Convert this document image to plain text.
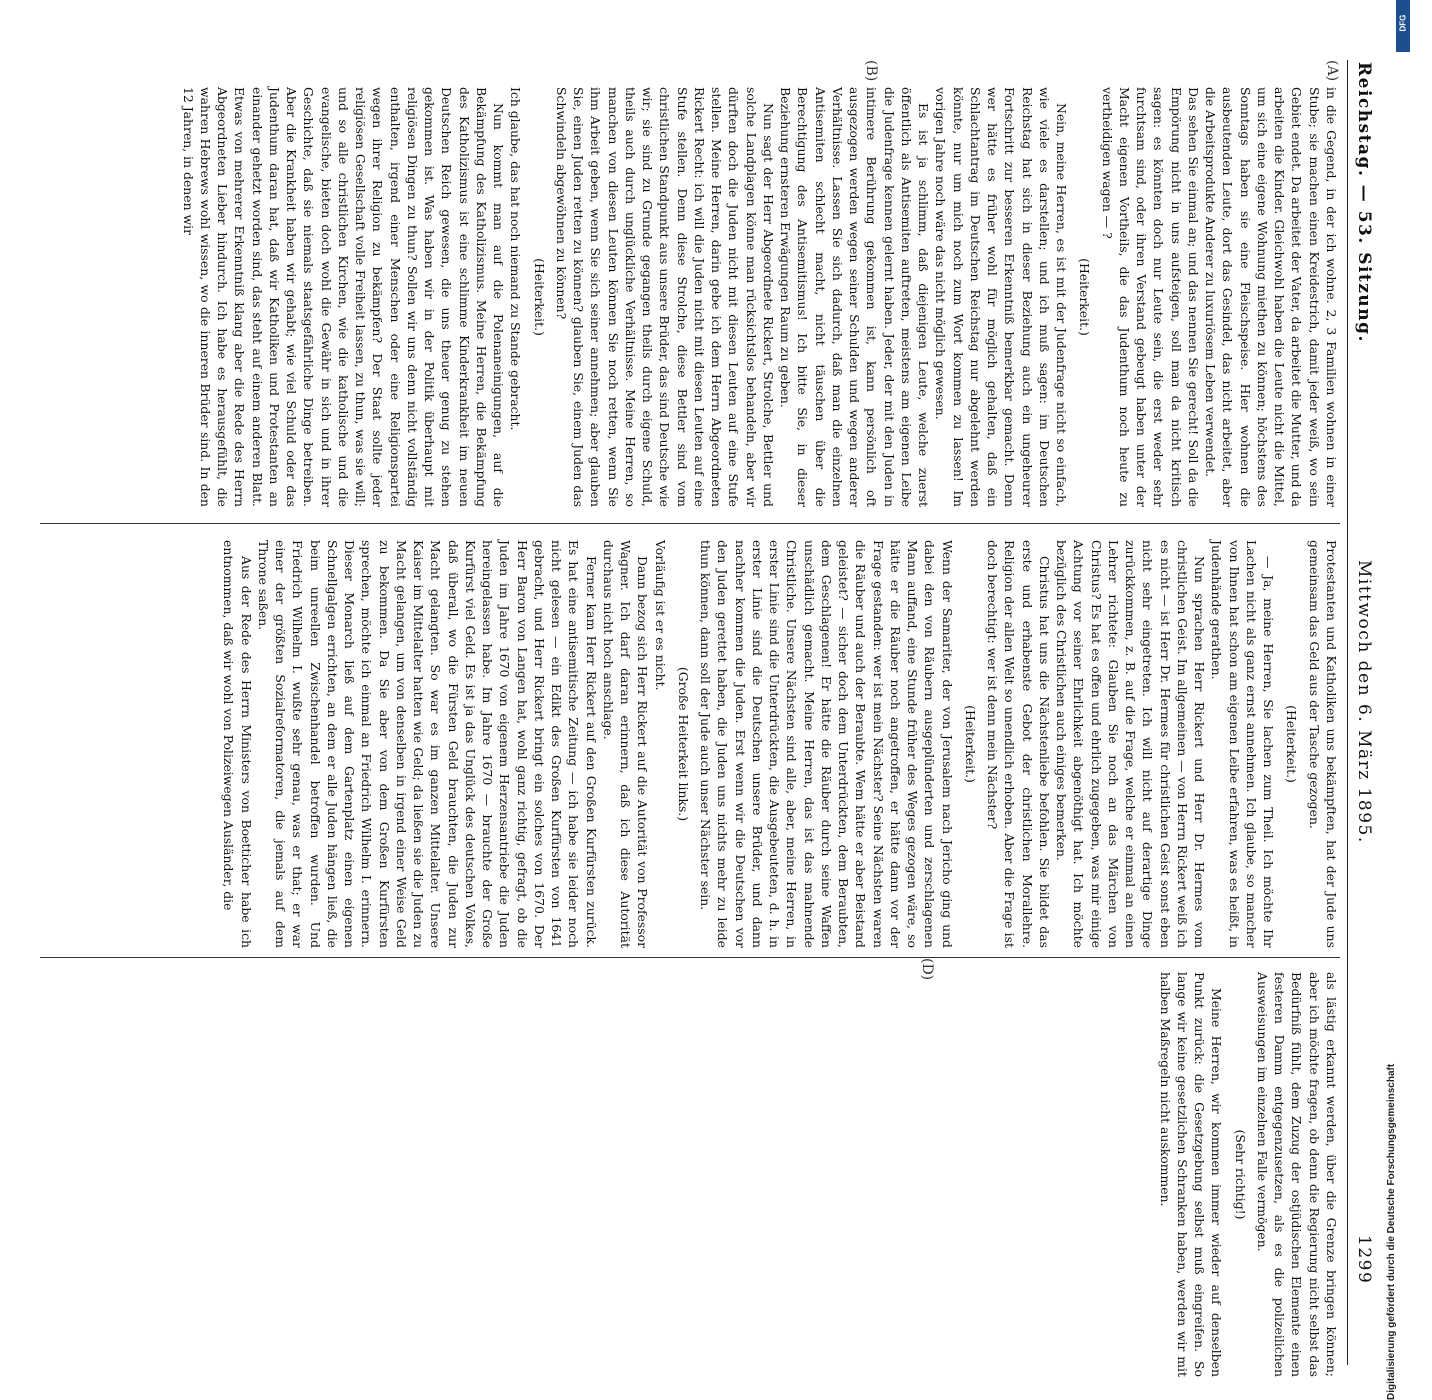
Reichstag. — 53. Sitzung.
Mittwoch den 6. März 1895.
1299
(A)
(B)
(D)

in die Gegend, in der ich wohne. 2, 3 Familien wohnen in einer Stube; sie machen einen Kreidestrich, damit jeder weiß, wo sein Gebiet endet. Da arbeitet der Vater, da arbeitet die Mutter, und da arbeiten die Kinder. Gleichwohl haben die Leute nicht die Mittel, um sich eine eigene Wohnung miethen zu können; höchstens des Sonntags haben sie eine Fleischspeise. Hier wohnen die ausbeutenden Leute, dort das Gesindel, das nicht arbeitet, aber die Arbeitsprodukte Anderer zu luxuriösem Leben verwendet.

Das sehen Sie einmal an; und das nennen Sie gerecht! Soll da die Empörung nicht in uns aufsteigen, soll man da nicht kritisch sagen: es könnten doch nur Leute sein, die erst weder sehr furchtsam sind, oder ihren Verstand gebeugt haben unter der Macht eigenen Vortheils, die das Judenthum noch heute zu vertheidigen wagen — ?

(Heiterkeit.)

Nein, meine Herren, es ist mit der Judenfrage nicht so einfach, wie viele es darstellen; und ich muß sagen: im Deutschen Reichstag hat sich in dieser Beziehung auch ein ungeheurer Fortschritt zur besseren Erkenntniß bemerkbar gemacht. Denn wer hätte es früher wohl für möglich gehalten, daß ein Schlachtantrag im Deutschen Reichstag nur abgelehnt werden könnte, nur um mich noch zum Wort kommen zu lassen! Im vorigen Jahre noch wäre das nicht möglich gewesen.

Es ist ja schlimm, daß diejenigen Leute, welche zuerst öffentlich als Antisemiten auftreten, meistens am eigenen Leibe die Judenfrage kennen gelernt haben. Jeder, der mit den Juden in intimere Berührung gekommen ist, kann persönlich oft ausgezogen werden wegen seiner Schulden und wegen anderer Verhältnisse. Lassen Sie sich dadurch, daß man die einzelnen Antisemiten schlecht macht, nicht täuschen über die Berechtigung des Antisemitismus! Ich bitte Sie, in dieser Beziehung ernsteren Erwägungen Raum zu geben.

Nun sagt der Herr Abgeordnete Rickert, Strolche, Bettler und solche Landplagen könne man rücksichtslos behandeln, aber wir dürften doch die Juden nicht mit diesen Leuten auf eine Stufe stellen. Meine Herren, darin gebe ich dem Herrn Abgeordneten Rickert Recht: ich will die Juden nicht mit diesen Leuten auf eine Stufe stellen. Denn diese Strolche, diese Bettler sind vom christlichen Standpunkt aus unsere Brüder, das sind Deutsche wie wir; sie sind zu Grunde gegangen theils durch eigene Schuld, theils auch durch unglückliche Verhältnisse. Meine Herren, so manchen von diesen Leuten können Sie noch retten, wenn Sie ihm Arbeit geben, wenn Sie sich seiner annehmen; aber glauben Sie, einen Juden retten zu können? glauben Sie, einem Juden das Schwindeln abgewöhnen zu können?

(Heiterkeit.)

Ich glaube, das hat noch niemand zu Stande gebracht.

Nun kommt man auf die Polenaneinigungen, auf die Bekämpfung des Katholizismus. Meine Herren, die Bekämpfung des Katholizismus ist eine schlimme Kinderkrankheit im neuen Deutschen Reich gewesen, die uns theuer genug zu stehen gekommen ist. Was haben wir in der Politik überhaupt mit religiösen Dingen zu thun? Sollen wir uns denn nicht vollständig enthalten, irgend einer Menschen oder eine Religionspartei wegen ihrer Religion zu bekämpfen? Der Staat sollte jeder religiösen Gesellschaft volle Freiheit lassen, zu thun, was sie will; und so alle christlichen Kirchen, wie die katholische und die evangelische, bieten doch wohl die Gewähr in sich und in ihrer Geschichte, daß sie niemals staatsgefährliche Dinge betreiben. Aber die Krankheit haben wir gehabt; wie viel Schuld oder das Judenthum daran hat, daß wir Katholiken und Protestanten an einander gehetzt worden sind, das steht auf einem anderen Blatt. Etwas von mehrerer Erkenntniß klang aber die Rede des Herrn Abgeordneten Lieber hindurch. Ich habe es herausgefühlt, die wahren Hebrews wohl wissen, wo die inneren Brüder sind. In den 12 Jahren, in denen wir

Protestanten und Katholiken uns bekämpften, hat der Jude uns gemeinsam das Geld aus der Tasche gezogen.

(Heiterkeit.)

— Ja, meine Herren, Sie lachen zum Theil. Ich möchte Ihr Lachen nicht als ganz ernst annehmen. Ich glaube, so mancher von Ihnen hat schon am eigenen Leibe erfahren, was es heißt, in Judenhände gerathen.

Nun sprachen Herr Rickert und Herr Dr. Hermes vom christlichen Geist. Im allgemeinen — von Herrn Rickert weiß ich es nicht — ist Herr Dr. Hermes für christlichen Geist sonst eben nicht sehr eingetreten. Ich will nicht auf derartige Dinge zurückkommen, z. B. auf die Frage, welche er einmal an einen Lehrer richtete: Glauben Sie noch an das Märchen von Christus? Es hat es offen und ehrlich zugegeben, was mir einige Achtung vor seiner Ehrlichkeit abgenöthigt hat. Ich möchte bezüglich des Christlichen auch einiges bemerken.

Christus hat uns die Nächstenliebe befohlen. Sie bildet das erste und erhabenste Gebot der christlichen Morallehre. Religion der allen Welt so unendlich erhoben. Aber die Frage ist doch berechtigt: wer ist denn mein Nächster?

(Heiterkeit.)

Wenn der Samariter, der von Jerusalem nach Jericho ging und dabei den von Räubern ausgeplünderten und zerschlagenen Mann auffand, eine Stunde früher des Weges gezogen wäre, so hätte er die Räuber noch angetroffen, er hätte dann vor der Frage gestanden: wer ist mein Nächster? Seine Nächsten waren die Räuber und auch der Beraubte. Wem hätte er aber Beistand geleistet? — sicher doch dem Unterdrückten, dem Beraubten, dem Geschlagenen! Er hätte die Räuber durch seine Waffen unschädlich gemacht. Meine Herren, das ist das mahnende Christliche. Unsere Nächsten sind alle, aber, meine Herren, in erster Linie sind die Unterdrückten, die Ausgebeuteten, d. h. in erster Linie sind die Deutschen unsere Brüder, und dann nachher kommen die Juden. Erst wenn wir die Deutschen vor den Juden gerettet haben, die Juden uns nichts mehr zu leide thun können, dann soll der Jude auch unser Nächster sein.

(Große Heiterkeit links.)

Vorläufig ist er es nicht.

Dann bezog sich Herr Rickert auf die Autorität von Professor Wagner. Ich darf daran erinnern, daß ich diese Autorität durchaus nicht hoch anschlage.

Ferner kam Herr Rickert auf den Großen Kurfürsten zurück. Es hat eine antisemitische Zeitung — ich habe sie leider noch nicht gelesen — ein Edikt des Großen Kurfürsten von 1641 gebracht, und Herr Rickert bringt ein solches von 1670. Der Herr Baron von Langen hat, wohl ganz richtig, gefragt, ob die Juden im Jahre 1670 von eigenem Herzensantriebe die Juden hereingelassen habe. Im Jahre 1670 — brauchte der Große Kurfürst viel Geld. Es ist ja das Unglück des deutschen Volkes, daß überall, wo die Fürsten Geld brauchten, die Juden zur Macht gelangten. So war es im ganzen Mittelalter. Unsere Kaiser im Mittelalter hatten wie Geld; da ließen sie die Juden zu Macht gelangen, um von denselben in irgend einer Weise Geld zu bekommen. Da Sie aber von dem Großen Kurfürsten sprechen, möchte ich einmal an Friedrich Wilhelm I. erinnern. Dieser Monarch ließ auf dem Gartenplatz einen eigenen Schnellgalgen errichten, an dem er alle Juden hängen ließ, die beim unreellen Zwischenhandel betroffen wurden. Und Friedrich Wilhelm I. wußte sehr genau, was er that; er war einer der größten Sozialreformatoren, die jemals auf dem Throne saßen.

Aus der Rede des Herrn Ministers von Boetticher habe ich entnommen, daß wir wohl von Polizeiwegen Ausländer, die

als lästig erkannt werden, über die Grenze bringen können; aber ich möchte fragen, ob denn die Regierung nicht selbst das Bedürfniß fühlt, dem Zuzug der ostjüdischen Elemente einen festeren Damm entgegenzusetzen, als es die polizeilichen Ausweisungen im einzelnen Falle vermögen.

(Sehr richtig!)

Meine Herren, wir kommen immer wieder auf denselben Punkt zurück: die Gesetzgebung selbst muß eingreifen. So lange wir keine gesetzlichen Schranken haben, werden wir mit halben Maßregeln nicht auskommen.	Digitalisierung gefördert durch die Deutsche Forschungsgemeinschaft
DFG
